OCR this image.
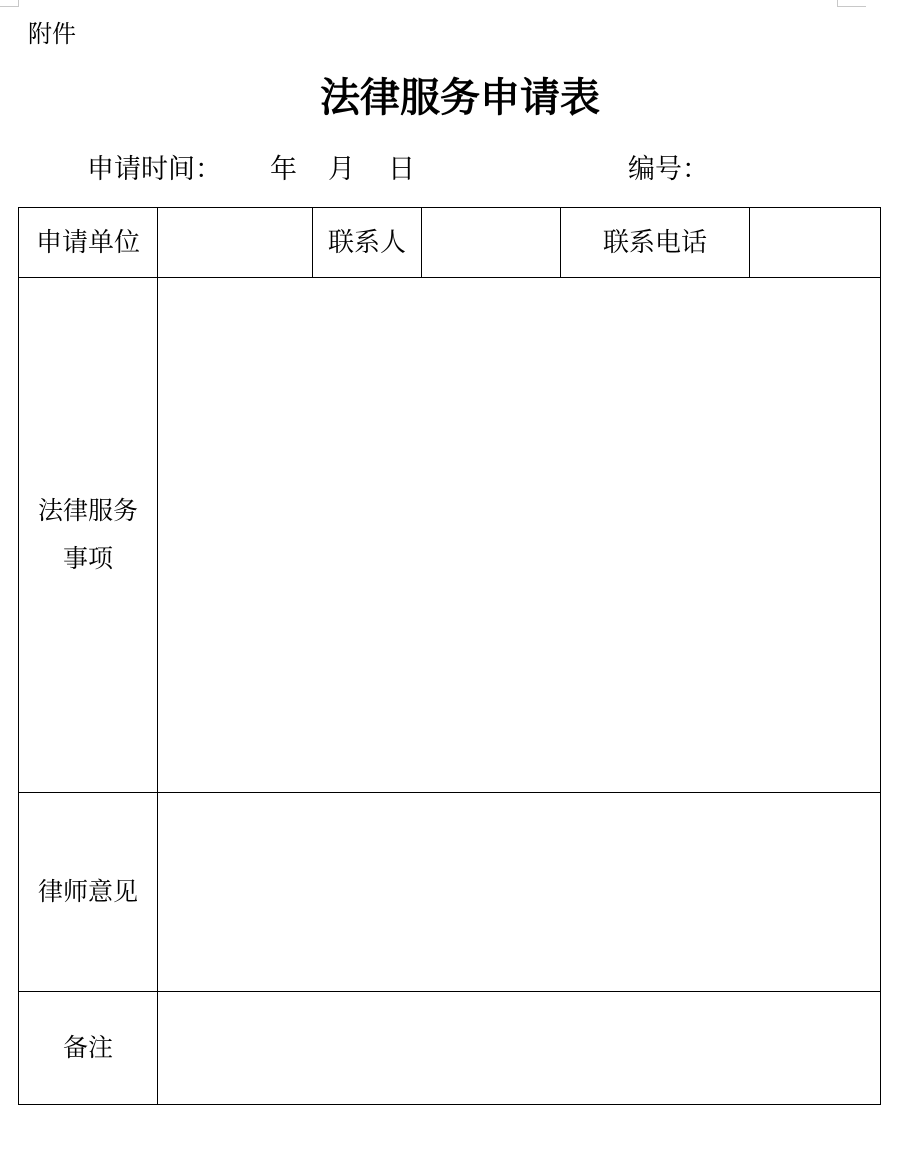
附件
法律服务申请表
申请时间： 年 月 日	编号：
申请单位		联系人		联系电话	

法律服务
事项					

律师意见					
备注					
